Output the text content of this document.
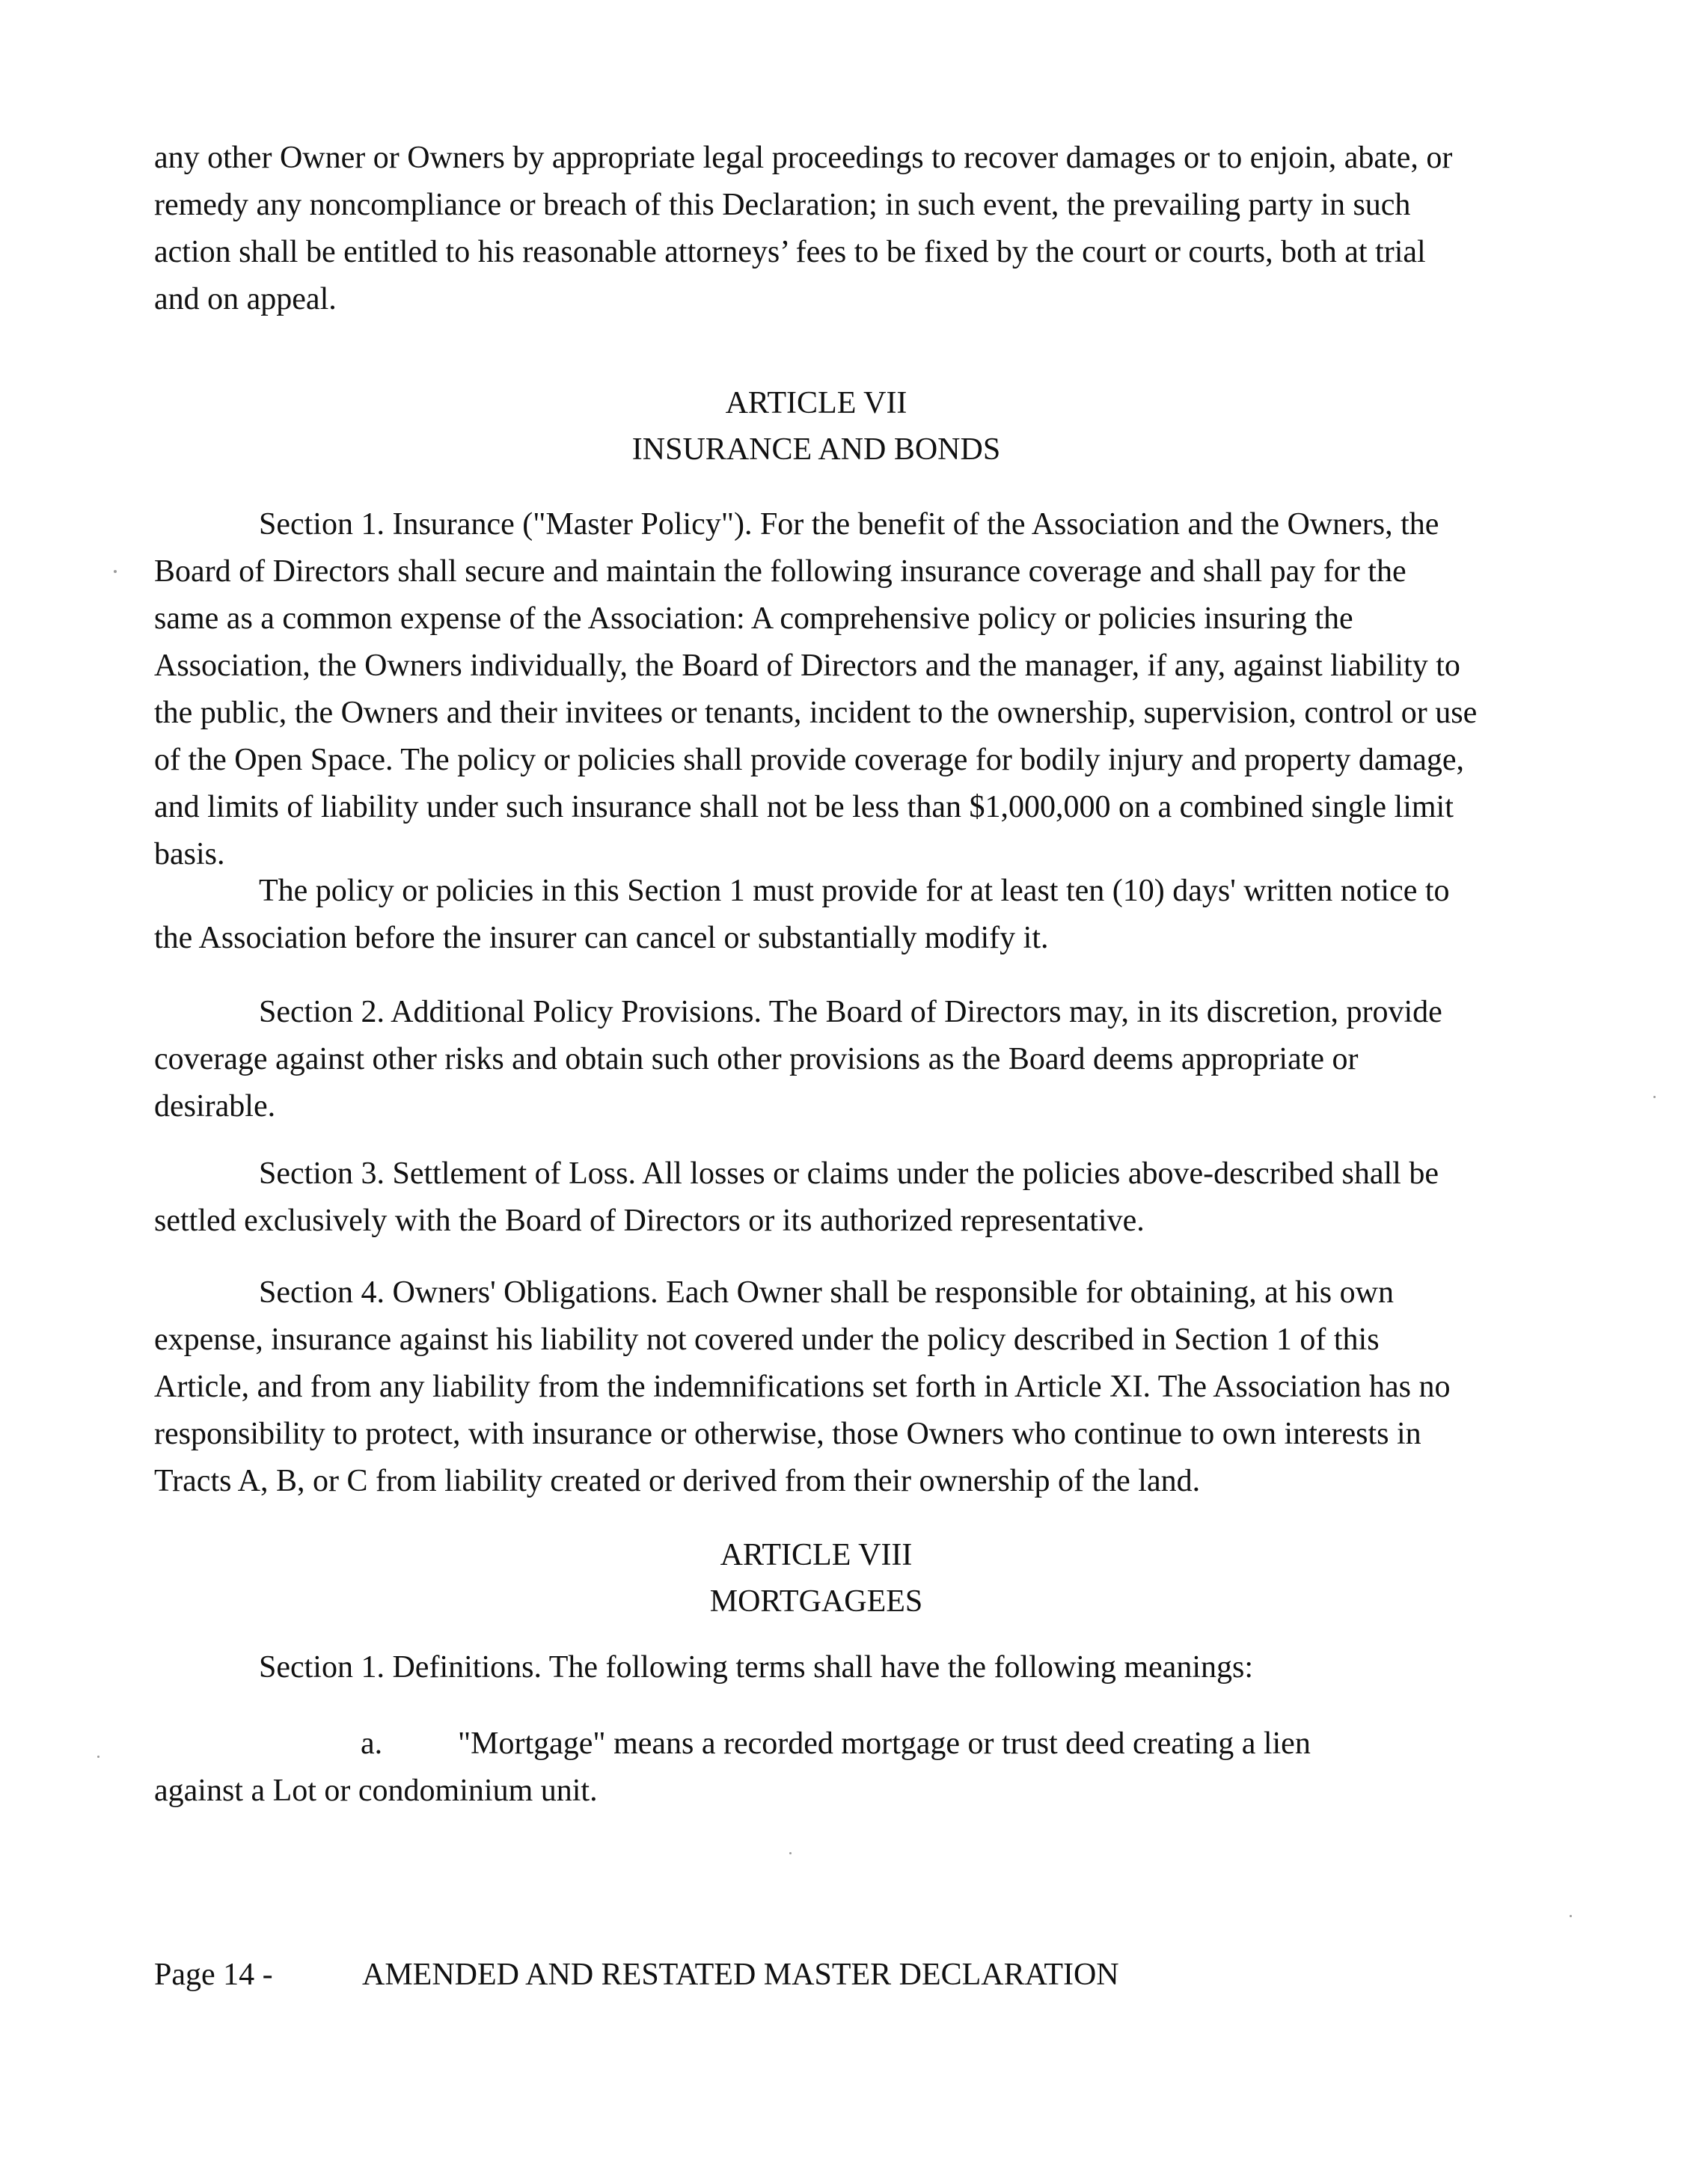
any other Owner or Owners by appropriate legal proceedings to recover damages or to enjoin, abate, or remedy any noncompliance or breach of this Declaration; in such event, the prevailing party in such action shall be entitled to his reasonable attorneys’ fees to be fixed by the court or courts, both at trial and on appeal.

ARTICLE VII
INSURANCE AND BONDS

Section 1. Insurance ("Master Policy"). For the benefit of the Association and the Owners, the Board of Directors shall secure and maintain the following insurance coverage and shall pay for the same as a common expense of the Association: A comprehensive policy or policies insuring the Association, the Owners individually, the Board of Directors and the manager, if any, against liability to the public, the Owners and their invitees or tenants, incident to the ownership, supervision, control or use of the Open Space. The policy or policies shall provide coverage for bodily injury and property damage, and limits of liability under such insurance shall not be less than $1,000,000 on a combined single limit basis.

The policy or policies in this Section 1 must provide for at least ten (10) days' written notice to the Association before the insurer can cancel or substantially modify it.

Section 2. Additional Policy Provisions. The Board of Directors may, in its discretion, provide coverage against other risks and obtain such other provisions as the Board deems appropriate or desirable.

Section 3. Settlement of Loss. All losses or claims under the policies above-described shall be settled exclusively with the Board of Directors or its authorized representative.

Section 4. Owners' Obligations. Each Owner shall be responsible for obtaining, at his own expense, insurance against his liability not covered under the policy described in Section 1 of this Article, and from any liability from the indemnifications set forth in Article XI. The Association has no responsibility to protect, with insurance or otherwise, those Owners who continue to own interests in Tracts A, B, or C from liability created or derived from their ownership of the land.

ARTICLE VIII
MORTGAGEES

Section 1. Definitions. The following terms shall have the following meanings:

a. "Mortgage" means a recorded mortgage or trust deed creating a lien
against a Lot or condominium unit.
Page 14 -	AMENDED AND RESTATED MASTER DECLARATION
